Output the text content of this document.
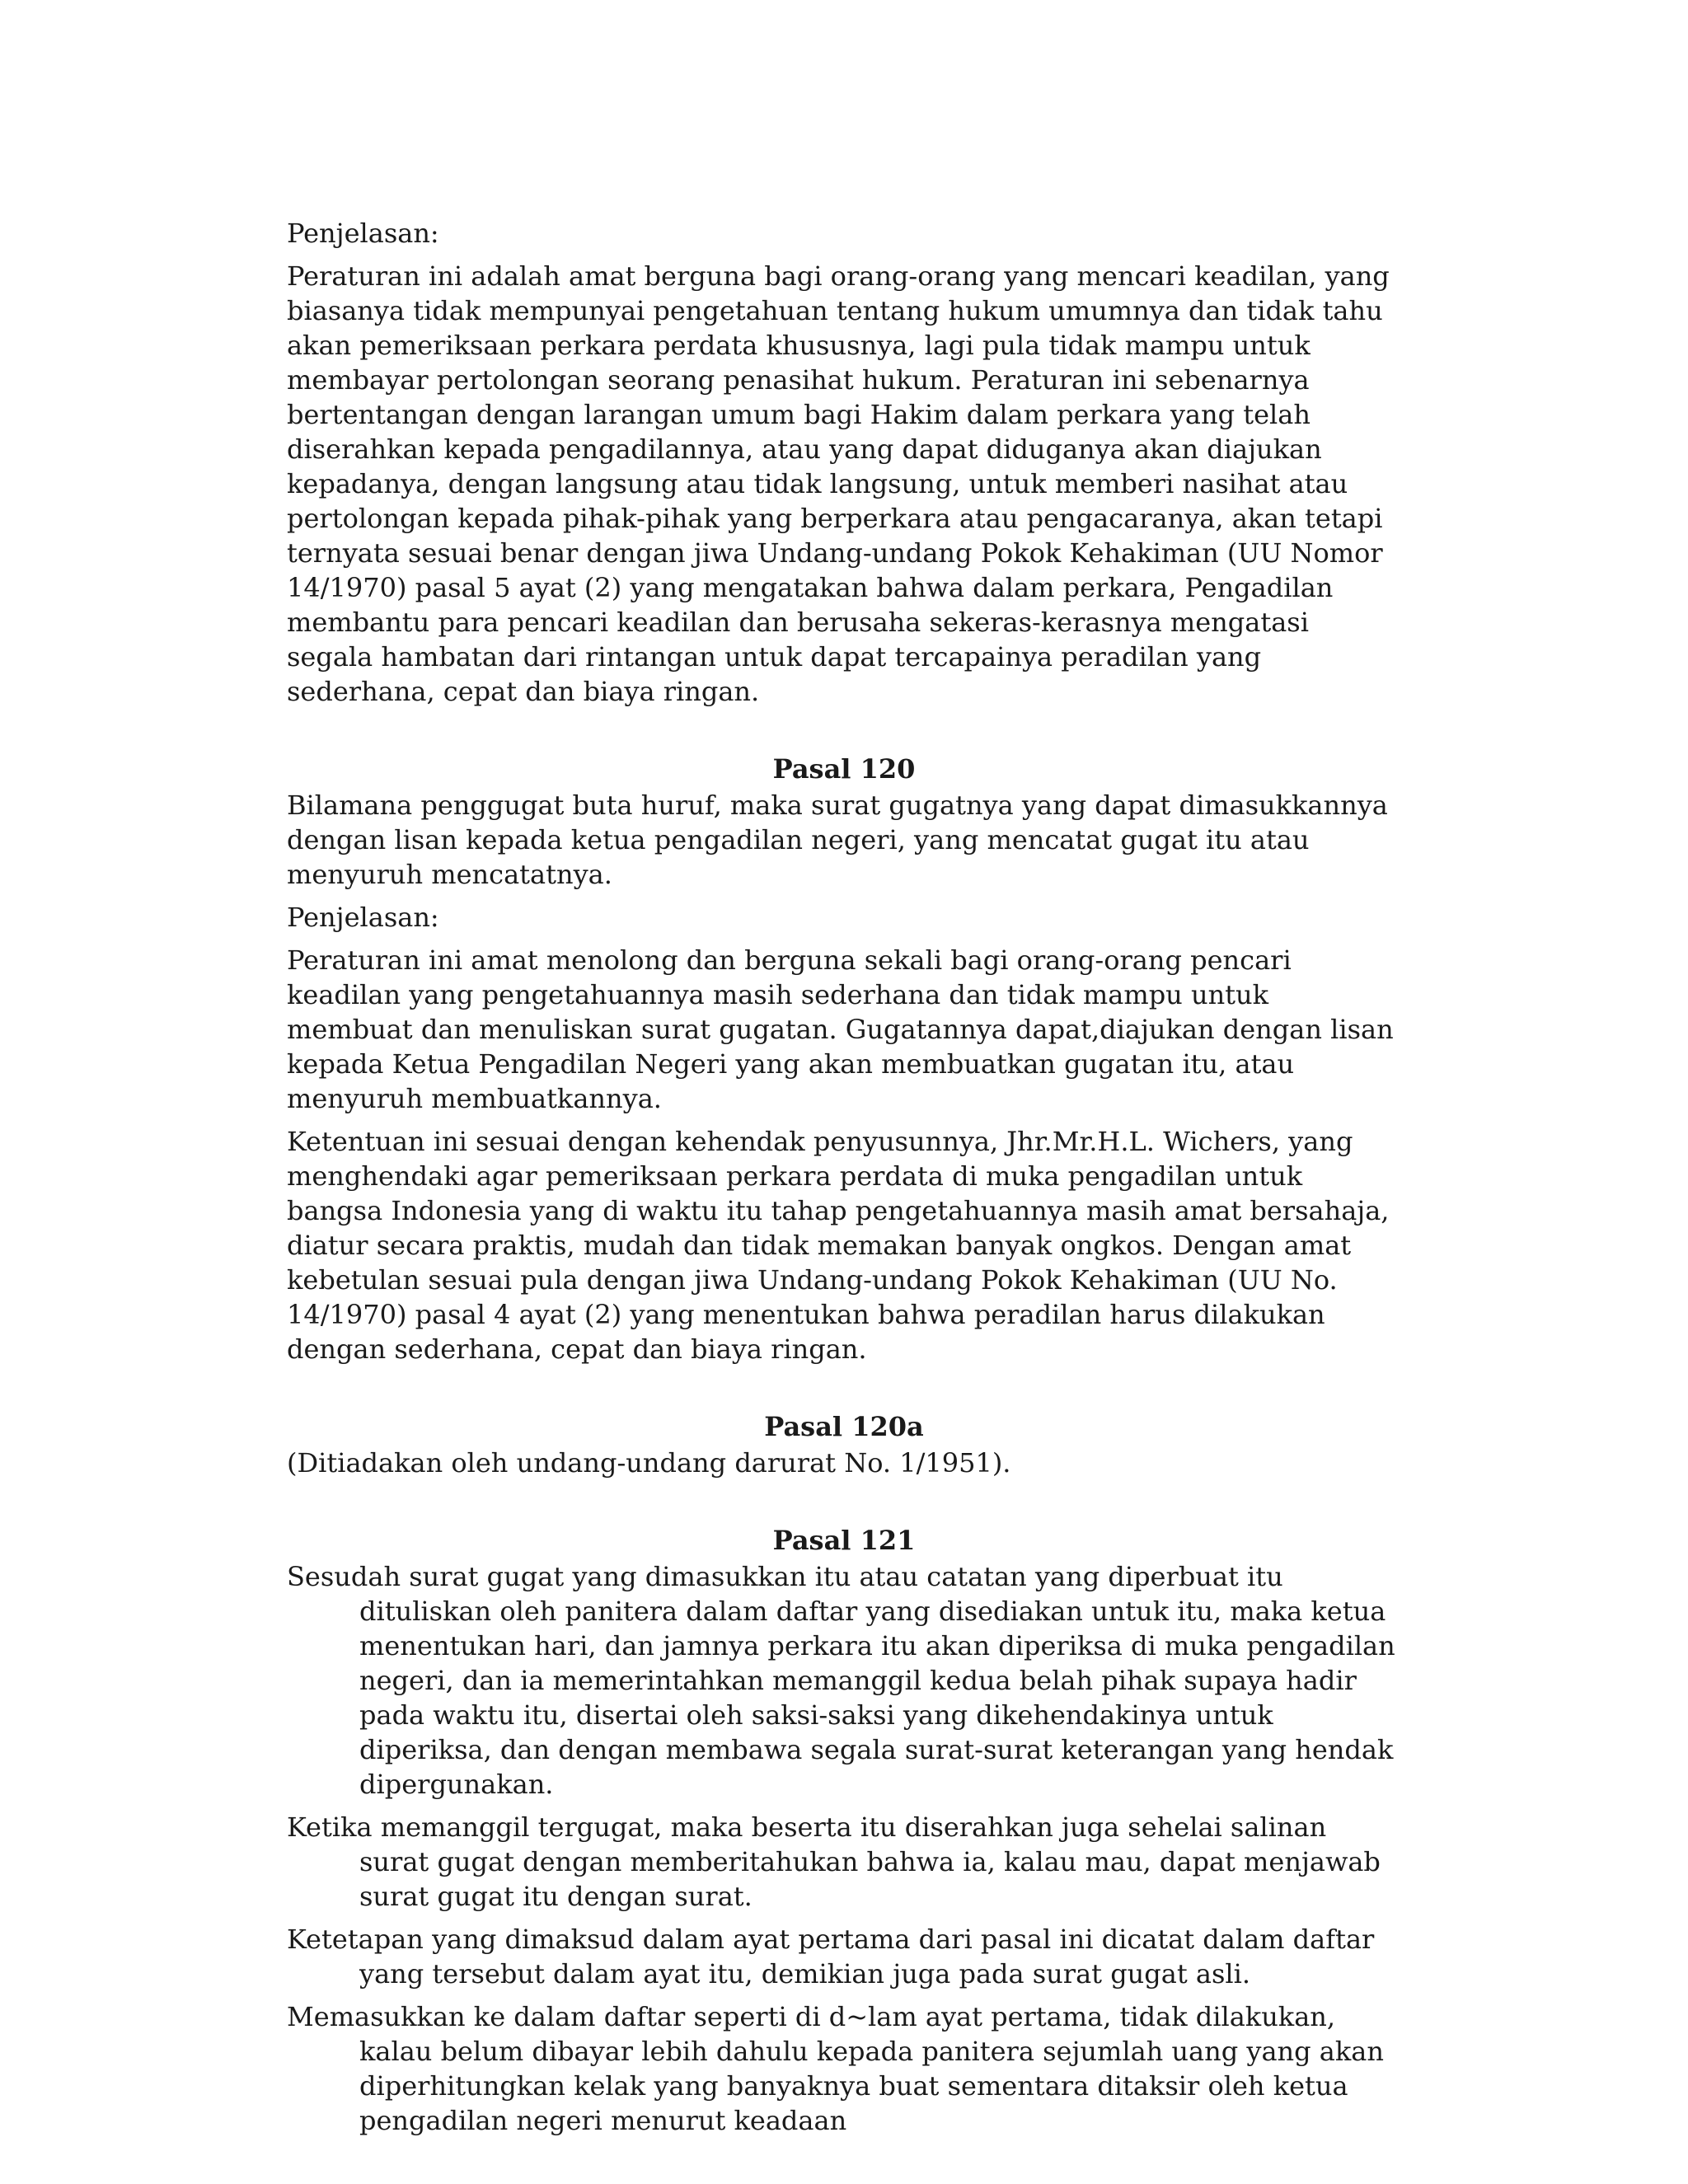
Penjelasan:

Peraturan ini adalah amat berguna bagi orang-orang yang mencari keadilan, yang biasanya tidak mempunyai pengetahuan tentang hukum umumnya dan tidak tahu akan pemeriksaan perkara perdata khususnya, lagi pula tidak mampu untuk membayar pertolongan seorang penasihat hukum. Peraturan ini sebenarnya bertentangan dengan larangan umum bagi Hakim dalam perkara yang telah diserahkan kepada pengadilannya, atau yang dapat diduganya akan diajukan kepadanya, dengan langsung atau tidak langsung, untuk memberi nasihat atau pertolongan kepada pihak-pihak yang berperkara atau pengacaranya, akan tetapi ternyata sesuai benar dengan jiwa Undang-undang Pokok Kehakiman (UU Nomor 14/1970) pasal 5 ayat (2) yang mengatakan bahwa dalam perkara, Pengadilan membantu para pencari keadilan dan berusaha sekeras-kerasnya mengatasi segala hambatan dari rintangan untuk dapat tercapainya peradilan yang sederhana, cepat dan biaya ringan.

Pasal 120

Bilamana penggugat buta huruf, maka surat gugatnya yang dapat dimasukkannya dengan lisan kepada ketua pengadilan negeri, yang mencatat gugat itu atau menyuruh mencatatnya.

Penjelasan:

Peraturan ini amat menolong dan berguna sekali bagi orang-orang pencari keadilan yang pengetahuannya masih sederhana dan tidak mampu untuk membuat dan menuliskan surat gugatan. Gugatannya dapat,diajukan dengan lisan kepada Ketua Pengadilan Negeri yang akan membuatkan gugatan itu, atau menyuruh membuatkannya.

Ketentuan ini sesuai dengan kehendak penyusunnya, Jhr.Mr.H.L. Wichers, yang menghendaki agar pemeriksaan perkara perdata di muka pengadilan untuk bangsa Indonesia yang di waktu itu tahap pengetahuannya masih amat bersahaja, diatur secara praktis, mudah dan tidak memakan banyak ongkos. Dengan amat kebetulan sesuai pula dengan jiwa Undang-undang Pokok Kehakiman (UU No. 14/1970) pasal 4 ayat (2) yang menentukan bahwa peradilan harus dilakukan dengan sederhana, cepat dan biaya ringan.

Pasal 120a

(Ditiadakan oleh undang-undang darurat No. 1/1951).

Pasal 121

Sesudah surat gugat yang dimasukkan itu atau catatan yang diperbuat itu dituliskan oleh panitera dalam daftar yang disediakan untuk itu, maka ketua menentukan hari, dan jamnya perkara itu akan diperiksa di muka pengadilan negeri, dan ia memerintahkan memanggil kedua belah pihak supaya hadir pada waktu itu, disertai oleh saksi-saksi yang dikehendakinya untuk diperiksa, dan dengan membawa segala surat-surat keterangan yang hendak dipergunakan.

Ketika memanggil tergugat, maka beserta itu diserahkan juga sehelai salinan surat gugat dengan memberitahukan bahwa ia, kalau mau, dapat menjawab surat gugat itu dengan surat.

Ketetapan yang dimaksud dalam ayat pertama dari pasal ini dicatat dalam daftar yang tersebut dalam ayat itu, demikian juga pada surat gugat asli.

Memasukkan ke dalam daftar seperti di d~lam ayat pertama, tidak dilakukan, kalau belum dibayar lebih dahulu kepada panitera sejumlah uang yang akan diperhitungkan kelak yang banyaknya buat sementara ditaksir oleh ketua pengadilan negeri menurut keadaan
